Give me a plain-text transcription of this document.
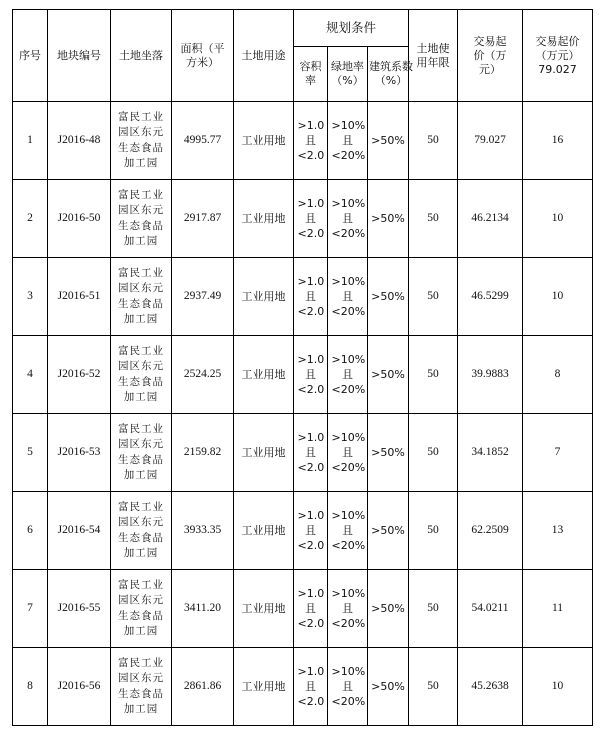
序号	地块编号	土地坐落	面积（平方米）	土地用途	规划条件			土地使用年限	交易起价（万元）	交易起价（万元）79.027
					容积率	绿地率（%）	建筑系数（%）			
1	J2016-48	富民工业园区东元生态食品加工园	4995.77	工业用地	>1.0且<2.0	>10%且<20%	>50%	50	79.027	16
2	J2016-50	富民工业园区东元生态食品加工园	2917.87	工业用地	>1.0且<2.0	>10%且<20%	>50%	50	46.2134	10
3	J2016-51	富民工业园区东元生态食品加工园	2937.49	工业用地	>1.0且<2.0	>10%且<20%	>50%	50	46.5299	10
4	J2016-52	富民工业园区东元生态食品加工园	2524.25	工业用地	>1.0且<2.0	>10%且<20%	>50%	50	39.9883	8
5	J2016-53	富民工业园区东元生态食品加工园	2159.82	工业用地	>1.0且<2.0	>10%且<20%	>50%	50	34.1852	7
6	J2016-54	富民工业园区东元生态食品加工园	3933.35	工业用地	>1.0且<2.0	>10%且<20%	>50%	50	62.2509	13
7	J2016-55	富民工业园区东元生态食品加工园	3411.20	工业用地	>1.0且<2.0	>10%且<20%	>50%	50	54.0211	11
8	J2016-56	富民工业园区东元生态食品加工园	2861.86	工业用地	>1.0且<2.0	>10%且<20%	>50%	50	45.2638	10
